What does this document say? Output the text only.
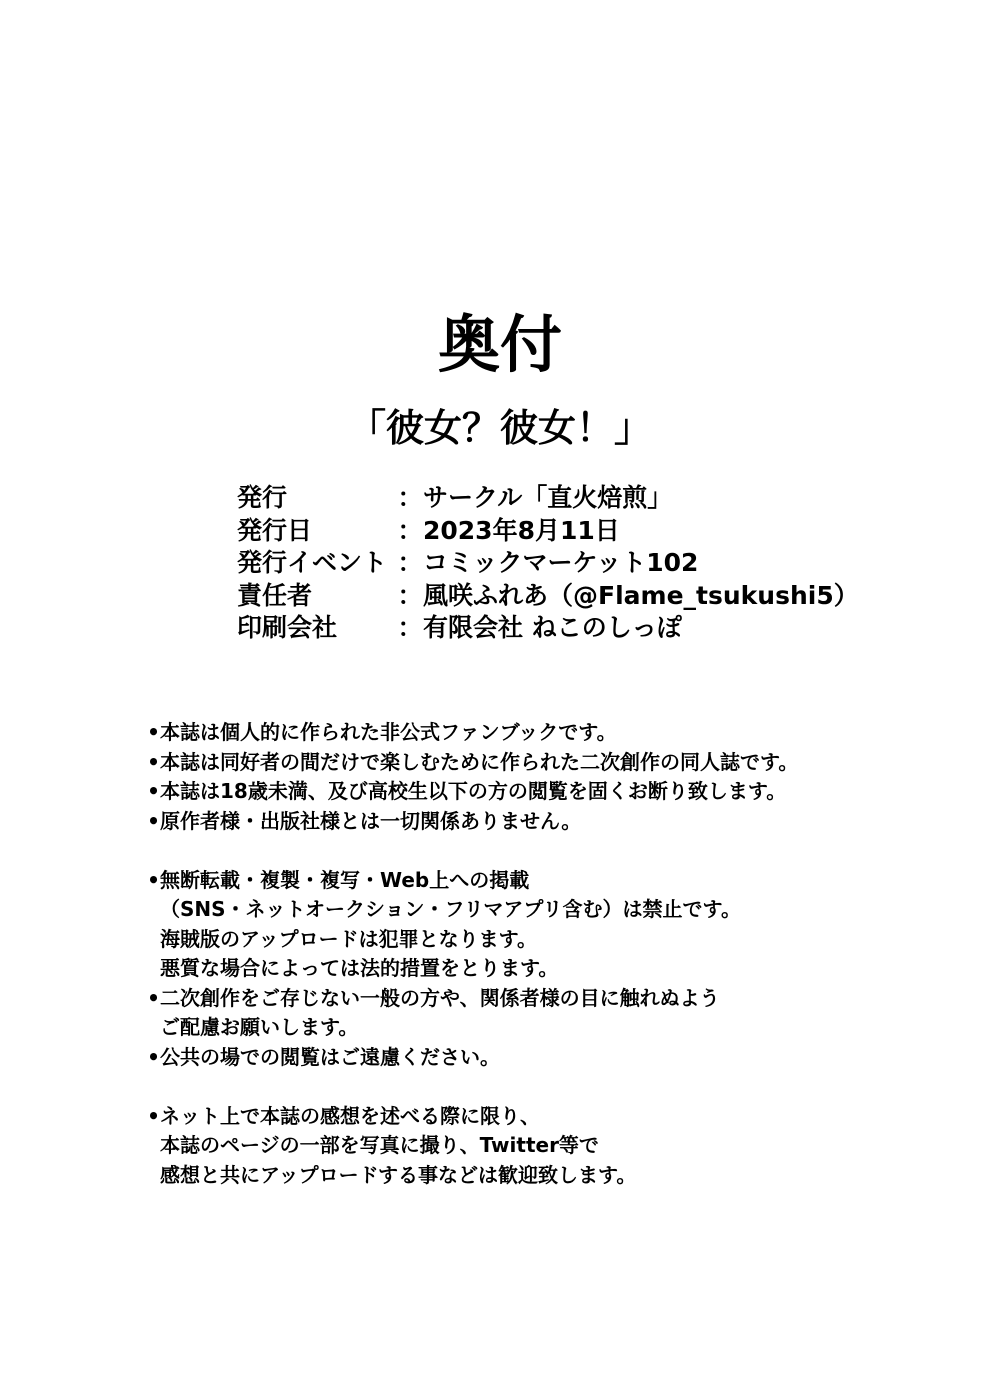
奥付
「彼女？彼女！」
発行	： サークル「直火焙煎」
発行日	： 2023年8月11日
発行イベント ： コミックマーケット102
責任者	： 風咲ふれあ（@Flame_tsukushi5）
印刷会社	： 有限会社 ねこのしっぽ
• 本誌は個人的に作られた非公式ファンブックです。
• 本誌は同好者の間だけで楽しむために作られた二次創作の同人誌です。
• 本誌は18歳未満、及び高校生以下の方の閲覧を固くお断り致します。
• 原作者様・出版社様とは一切関係ありません。
• 無断転載・複製・複写・Web上への掲載
（SNS・ネットオークション・フリマアプリ含む）は禁止です。
海賊版のアップロードは犯罪となります。
悪質な場合によっては法的措置をとります。
• 二次創作をご存じない一般の方や、関係者様の目に触れぬよう
ご配慮お願いします。
• 公共の場での閲覧はご遠慮ください。
• ネット上で本誌の感想を述べる際に限り、
本誌のページの一部を写真に撮り、Twitter等で
感想と共にアップロードする事などは歓迎致します。
